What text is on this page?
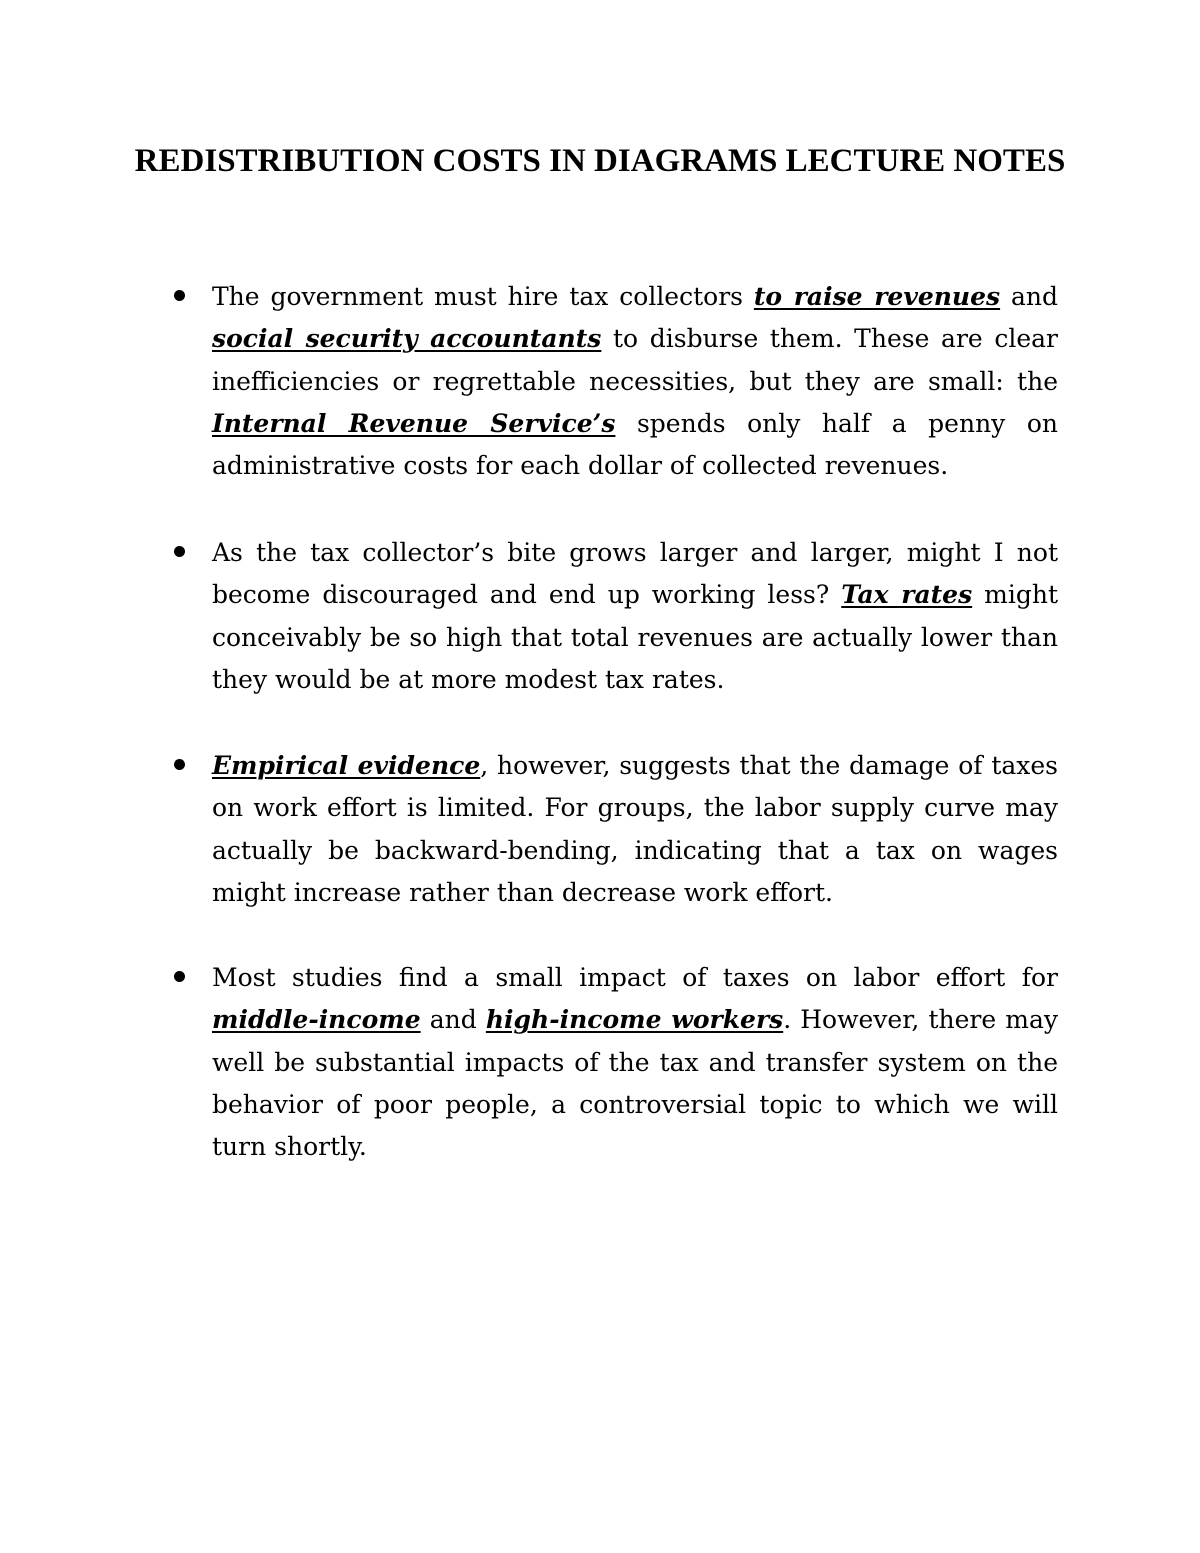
REDISTRIBUTION COSTS IN DIAGRAMS LECTURE NOTES
The government must hire tax collectors to raise revenues and social security accountants to disburse them. These are clear inefficiencies or regrettable necessities, but they are small: the Internal Revenue Service’s spends only half a penny on administrative costs for each dollar of collected revenues.
As the tax collector’s bite grows larger and larger, might I not become discouraged and end up working less? Tax rates might conceivably be so high that total revenues are actually lower than they would be at more modest tax rates.
Empirical evidence, however, suggests that the damage of taxes on work effort is limited. For groups, the labor supply curve may actually be backward-bending, indicating that a tax on wages might increase rather than decrease work effort.
Most studies find a small impact of taxes on labor effort for middle-income and high-income workers. However, there may well be substantial impacts of the tax and transfer system on the behavior of poor people, a controversial topic to which we will turn shortly.
